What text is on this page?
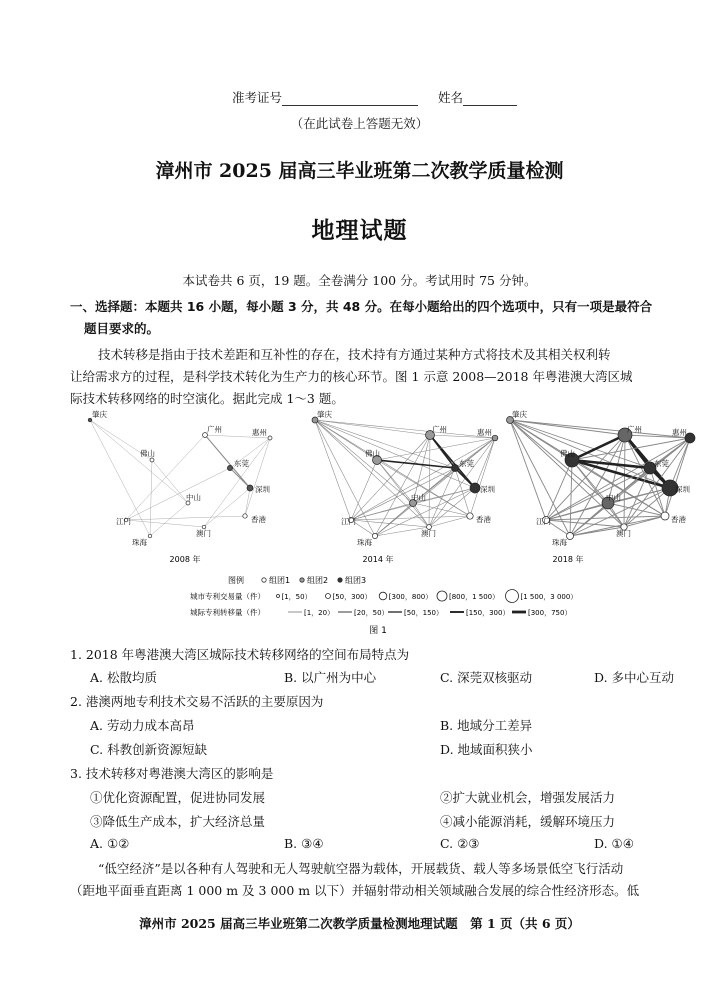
准考证号	姓名
（在此试卷上答题无效）
漳州市 2025 届高三毕业班第二次教学质量检测
地理试题
本试卷共 6 页，19 题。全卷满分 100 分。考试用时 75 分钟。
一、选择题：本题共 16 小题，每小题 3 分，共 48 分。在每小题给出的四个选项中，只有一项是最符合
题目要求的。
技术转移是指由于技术差距和互补性的存在，技术持有方通过某种方式将技术及其相关权利转
让给需求方的过程，是科学技术转化为生产力的核心环节。图 1 示意 2008—2018 年粤港澳大湾区城
际技术转移网络的时空演化。据此完成 1～3 题。
肇庆
广州	惠州
佛山
东莞
深圳
中山
香港
江门
珠海
澳门
肇庆
广州	惠州
佛山
东莞
深圳
中山
香港
江门
珠海
澳门
肇庆
广州	惠州
佛山
东莞
深圳
中山
香港
江门
珠海
澳门
2008 年	2014 年	2018 年
图例	组团1 组团2 组团3
城市专利交易量（件） [1，50）	[50，300） [300，800） [800，1 500）	[1 500，3 000）
城际专利转移量（件）	[1，20）	[20，50） [50，150）	[150，300）	[300，750）
图 1
1. 2018 年粤港澳大湾区城际技术转移网络的空间布局特点为
A. 松散均质	B. 以广州为中心	C. 深莞双核驱动	D. 多中心互动
2. 港澳两地专利技术交易不活跃的主要原因为
A. 劳动力成本高昂	B. 地域分工差异
C. 科教创新资源短缺	D. 地域面积狭小
3. 技术转移对粤港澳大湾区的影响是
①优化资源配置，促进协同发展	②扩大就业机会，增强发展活力
③降低生产成本，扩大经济总量	④减小能源消耗，缓解环境压力
A. ①②	B. ③④	C. ②③	D. ①④
“低空经济”是以各种有人驾驶和无人驾驶航空器为载体，开展载货、载人等多场景低空飞行活动
（距地平面垂直距离 1 000 m 及 3 000 m 以下）并辐射带动相关领域融合发展的综合性经济形态。低
漳州市 2025 届高三毕业班第二次教学质量检测地理试题　第 1 页（共 6 页）
